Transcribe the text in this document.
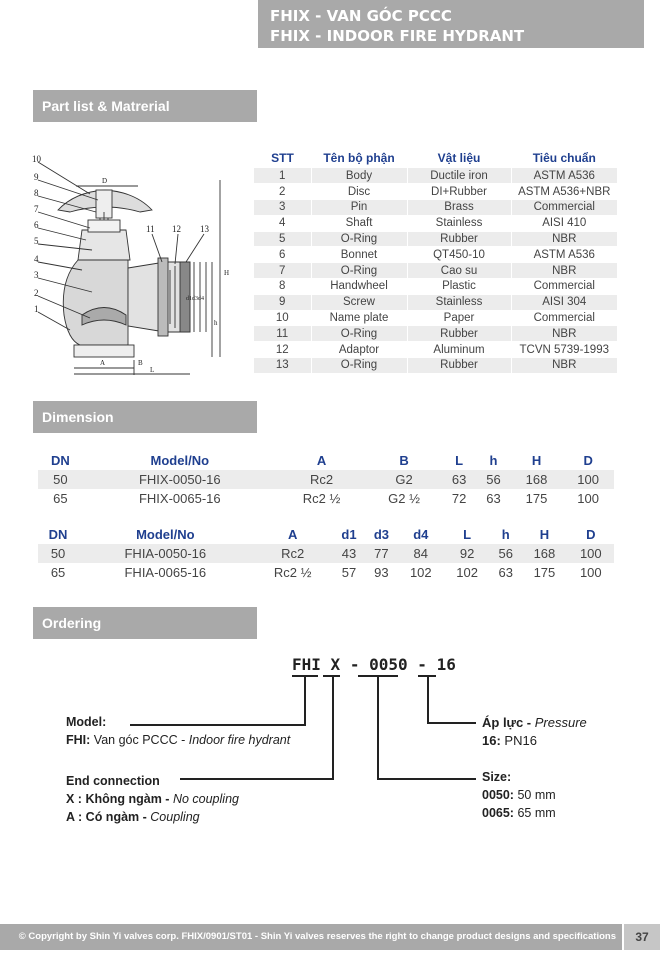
FHIX - VAN GÓC PCCC
FHIX - INDOOR FIRE HYDRANT
Part list & Matrerial
10
9
8
7
6
5
4
3
2
1
11 12 13
D
H
d1 d3 d4
h
A	B
L
STT	Tên bộ phận	Vật liệu	Tiêu chuẩn
1	Body	Ductile iron	ASTM A536
2	Disc	DI+Rubber	ASTM A536+NBR
3	Pin	Brass	Commercial
4	Shaft	Stainless	AISI 410
5	O-Ring	Rubber	NBR
6	Bonnet	QT450-10	ASTM A536
7	O-Ring	Cao su	NBR
8	Handwheel	Plastic	Commercial
9	Screw	Stainless	AISI 304
10	Name plate	Paper	Commercial
11	O-Ring	Rubber	NBR
12	Adaptor	Aluminum	TCVN 5739-1993
13	O-Ring	Rubber	NBR
Dimension
DN	Model/No	A	B	L	h	H	D
50	FHIX-0050-16	Rc2	G2	63	56	168	100
65	FHIX-0065-16	Rc2 ½	G2 ½	72	63	175	100
DN	Model/No	A	d1	d3	d4	L	h	H	D
50	FHIA-0050-16	Rc2	43	77	84	92	56	168	100
65	FHIA-0065-16	Rc2 ½	57	93	102	102	63	175	100
Ordering
FHI X - 0050 - 16
Model:
FHI: Van góc PCCC - Indoor fire hydrant
End connection
X : Không ngàm - No coupling
A : Có ngàm - Coupling
Áp lực - Pressure
16: PN16
Size:
0050: 50 mm
0065: 65 mm
© Copyright by Shin Yi valves corp. FHIX/0901/ST01 - Shin Yi valves reserves the right to change product designs and specifications without notice.
37
